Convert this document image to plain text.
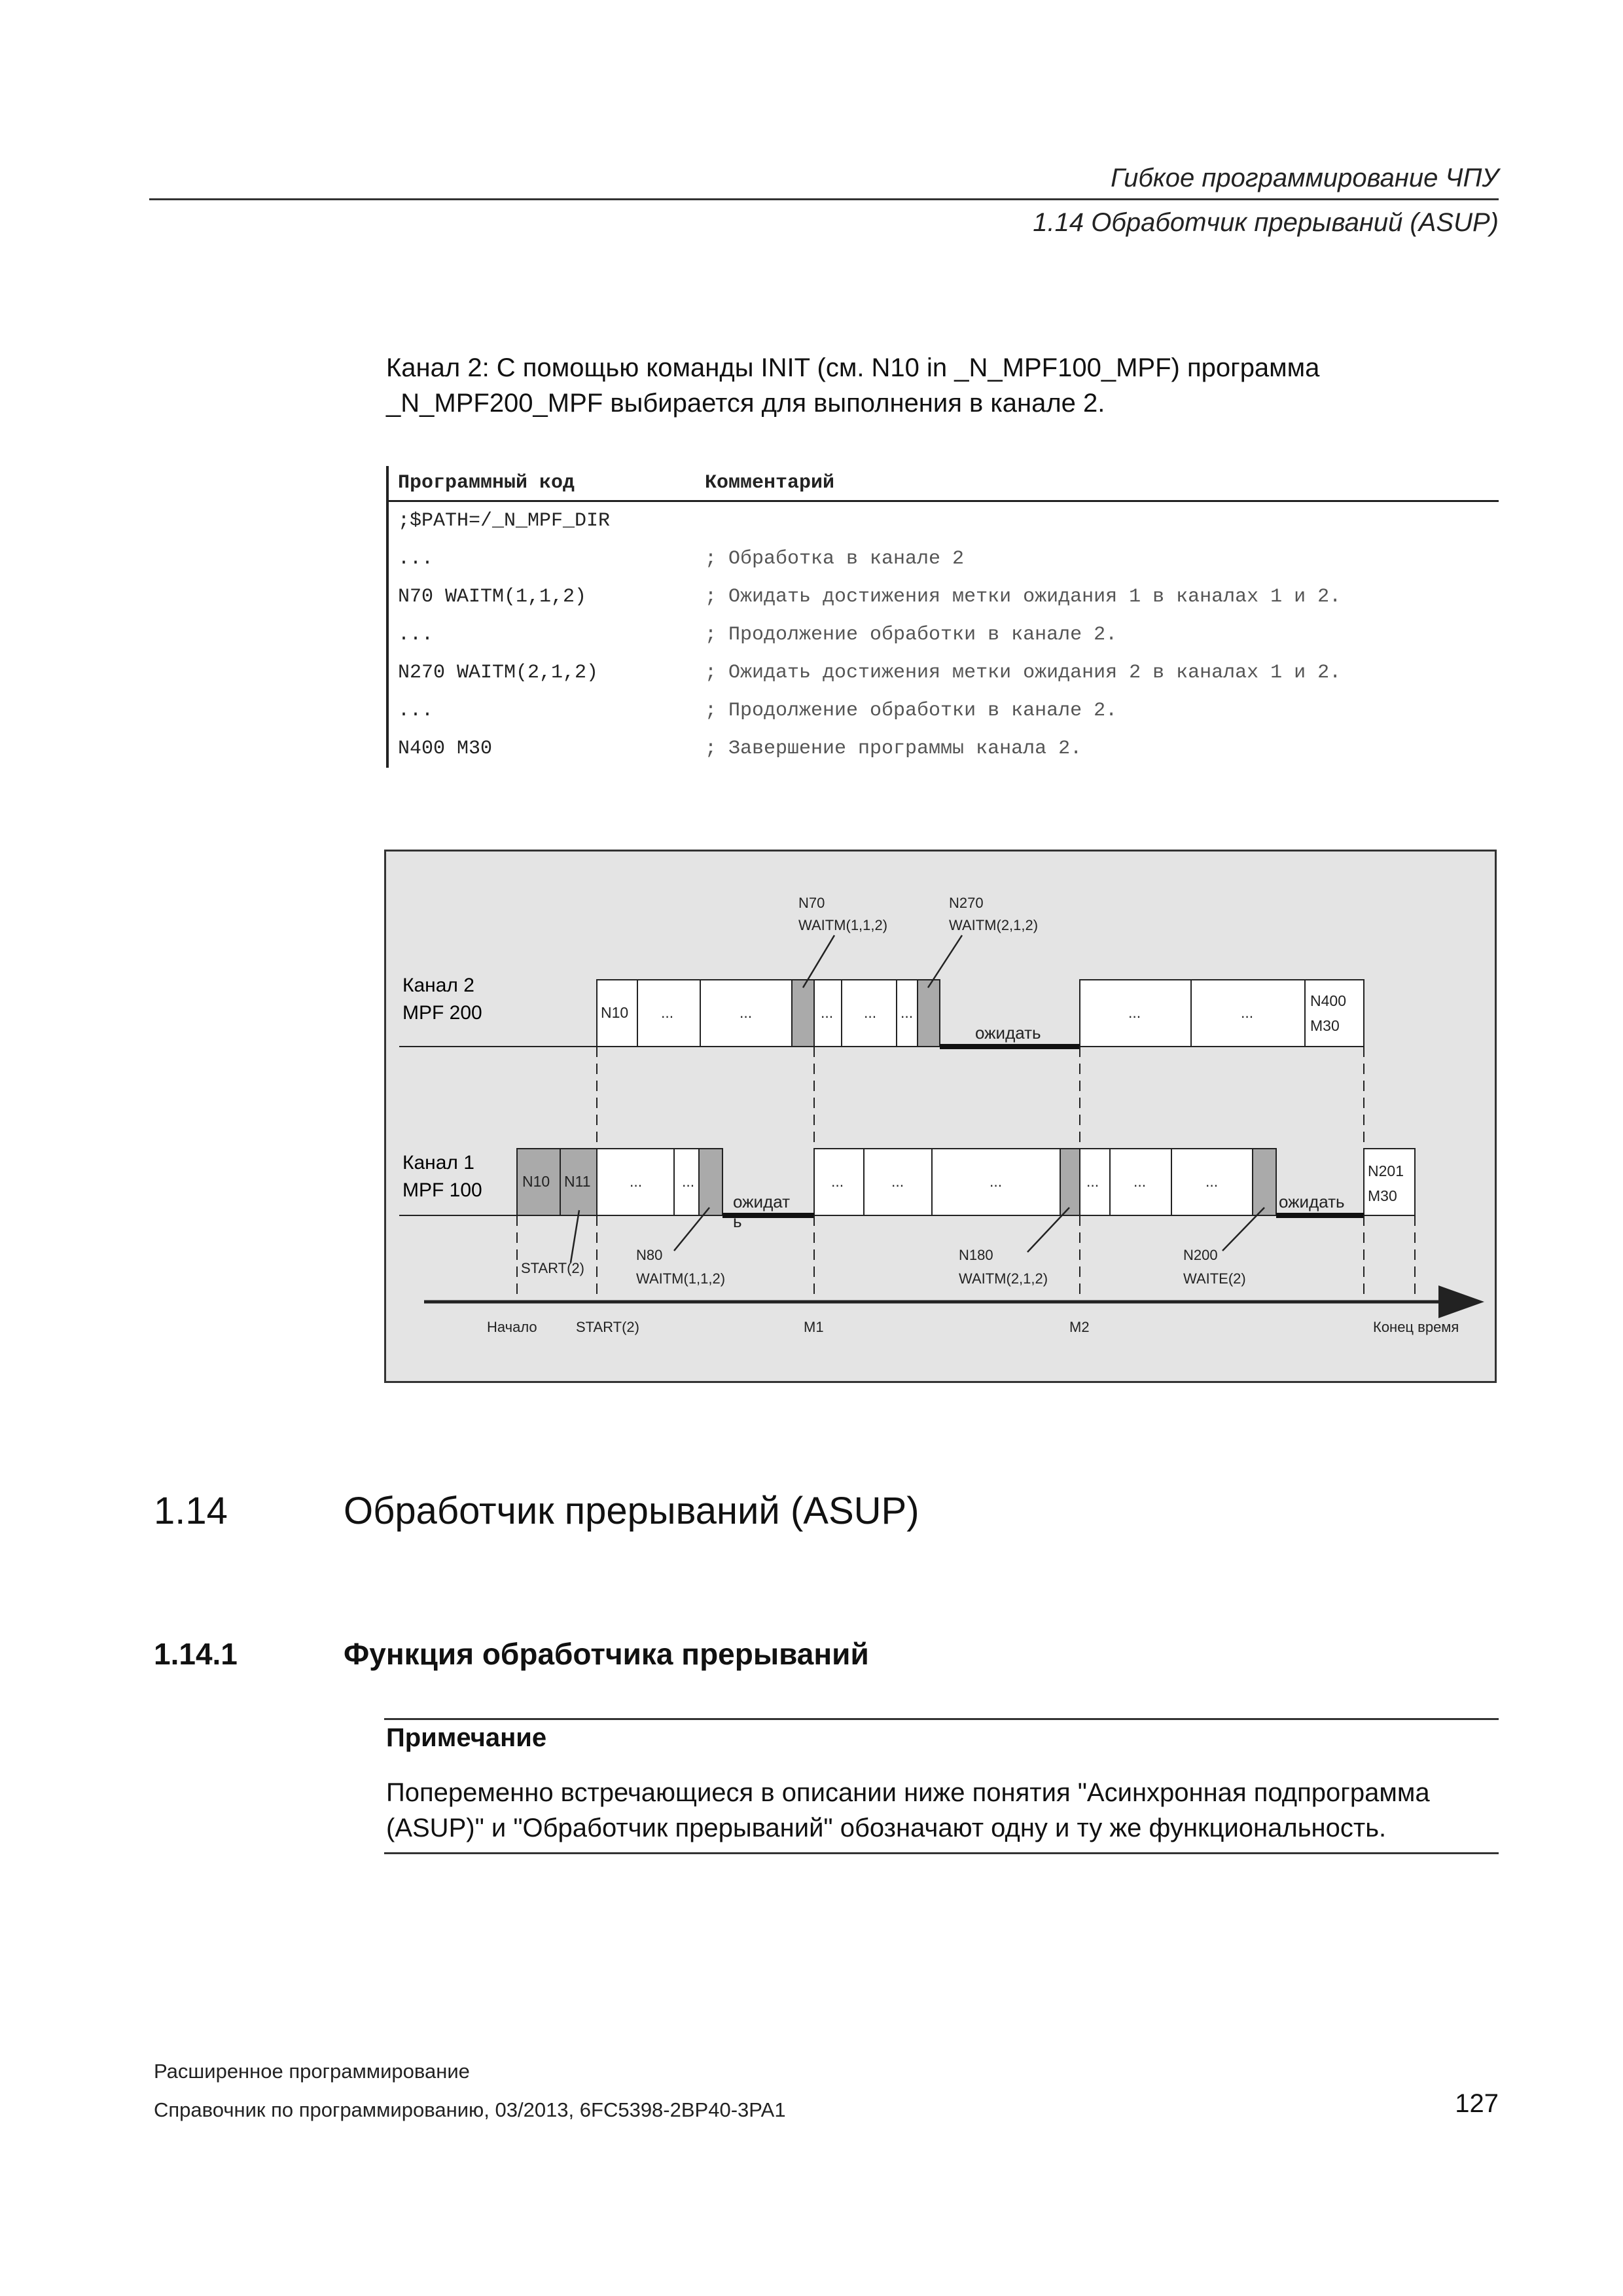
Гибкое программирование ЧПУ
1.14 Обработчик прерываний (ASUP)
Канал 2: С помощью команды INIT (см. N10 in _N_MPF100_MPF) программа _N_MPF200_MPF выбирается для выполнения в канале 2.
Программный код	Комментарий
;$PATH=/_N_MPF_DIR	
...	; Обработка в канале 2
N70 WAITM(1,1,2)	; Ожидать достижения метки ожидания 1 в каналах 1 и 2.
...	; Продолжение обработки в канале 2.
N270 WAITM(2,1,2)	; Ожидать достижения метки ожидания 2 в каналах 1 и 2.
...	; Продолжение обработки в канале 2.
N400 M30	; Завершение программы канала 2.
Канал 2
MPF 200
Канал 1
MPF 100
N10 ...	...	... ... ...	...	...
N400
M30
ожидать
N10 N11	...	...	...	...	...	... ...	...
N201
M30
ожидат
ь
ожидать
N70
WAITM(1,1,2)
N270
WAITM(2,1,2)
START(2)
N80
WAITM(1,1,2)
N180
WAITM(2,1,2)
N200
WAITE(2)
Начало	START(2)	M1	M2	Конец время
1.14	Обработчик прерываний (ASUP)
1.14.1	Функция обработчика прерываний
Примечание
Попеременно встречающиеся в описании ниже понятия "Асинхронная подпрограмма (ASUP)" и "Обработчик прерываний" обозначают одну и ту же функциональность.
Расширенное программирование
Справочник по программированию, 03/2013, 6FC5398-2BP40-3PA1	127
